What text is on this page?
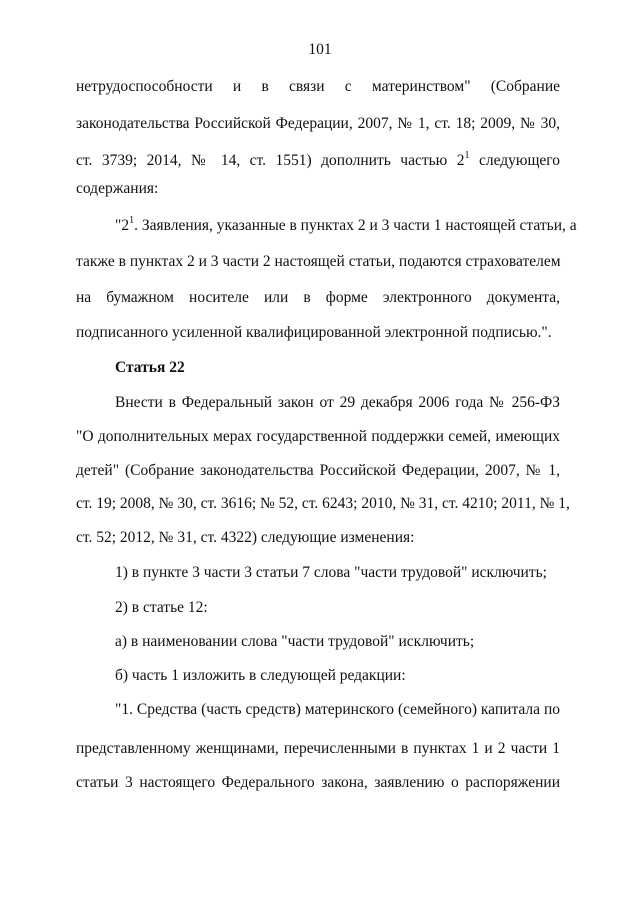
101
нетрудоспособности и в связи с материнством" (Собрание
законодательства Российской Федерации, 2007, № 1, ст. 18; 2009, № 30,
ст. 3739; 2014, № 14, ст. 1551) дополнить частью $2^1$ следующего
содержания:
"$2^1$. Заявления, указанные в пунктах 2 и 3 части 1 настоящей статьи, а
также в пунктах 2 и 3 части 2 настоящей статьи, подаются страхователем
на бумажном носителе или в форме электронного документа,
подписанного усиленной квалифицированной электронной подписью.".
Статья 22
Внести в Федеральный закон от 29 декабря 2006 года № 256-ФЗ
"О дополнительных мерах государственной поддержки семей, имеющих
детей" (Собрание законодательства Российской Федерации, 2007, № 1,
ст. 19; 2008, № 30, ст. 3616; № 52, ст. 6243; 2010, № 31, ст. 4210; 2011, № 1,
ст. 52; 2012, № 31, ст. 4322) следующие изменения:
1) в пункте 3 части 3 статьи 7 слова "части трудовой" исключить;
2) в статье 12:
а) в наименовании слова "части трудовой" исключить;
б) часть 1 изложить в следующей редакции:
"1. Средства (часть средств) материнского (семейного) капитала по
представленному женщинами, перечисленными в пунктах 1 и 2 части 1
статьи 3 настоящего Федерального закона, заявлению о распоряжении
